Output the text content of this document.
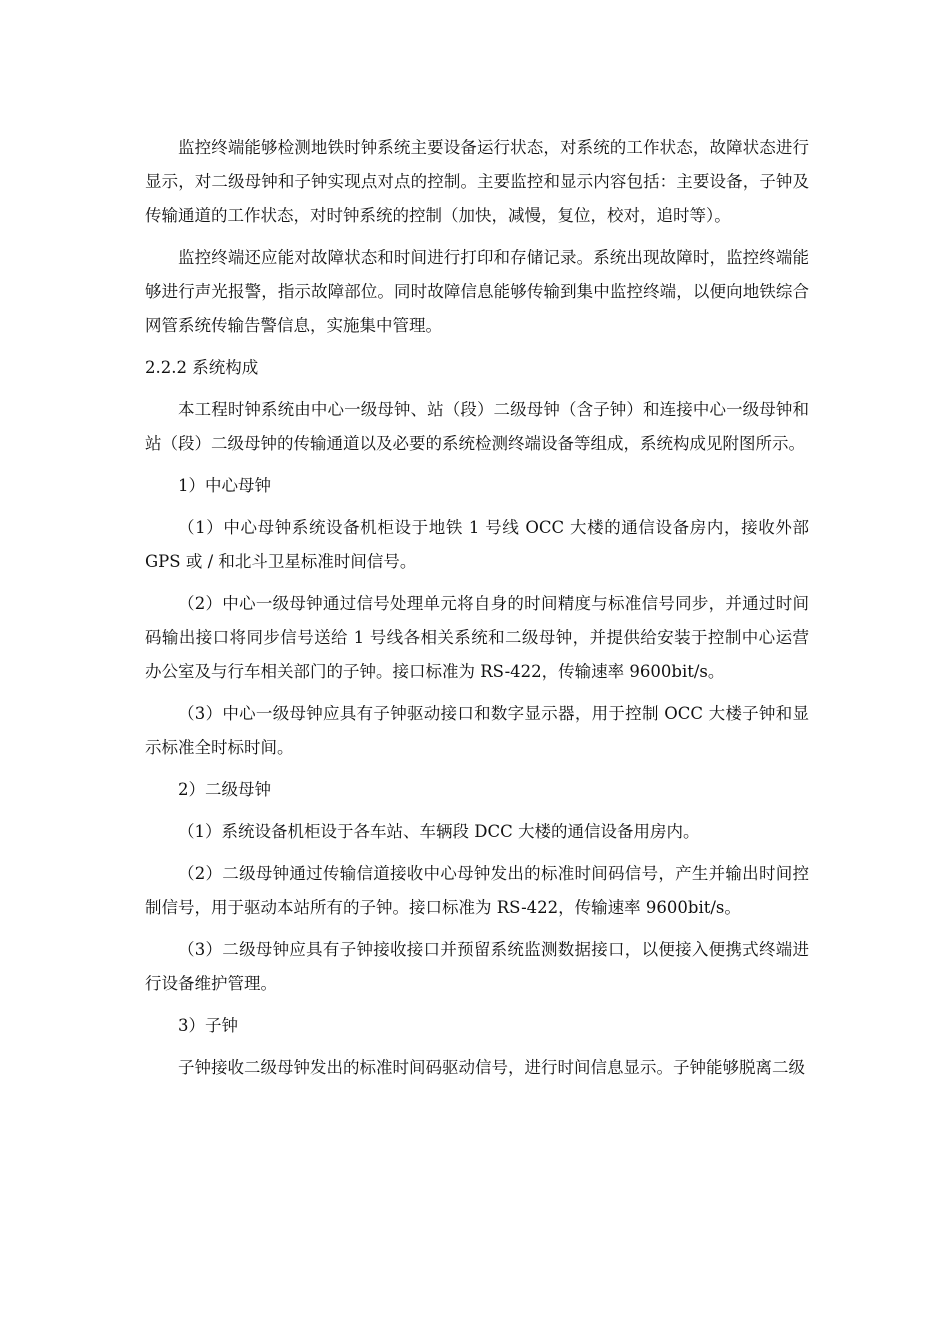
监控终端能够检测地铁时钟系统主要设备运行状态，对系统的工作状态，故障状态进行显示，对二级母钟和子钟实现点对点的控制。主要监控和显示内容包括：主要设备，子钟及传输通道的工作状态，对时钟系统的控制（加快，减慢，复位，校对，追时等）。

监控终端还应能对故障状态和时间进行打印和存储记录。系统出现故障时，监控终端能够进行声光报警，指示故障部位。同时故障信息能够传输到集中监控终端，以便向地铁综合网管系统传输告警信息，实施集中管理。

2.2.2 系统构成

本工程时钟系统由中心一级母钟、站（段）二级母钟（含子钟）和连接中心一级母钟和站（段）二级母钟的传输通道以及必要的系统检测终端设备等组成，系统构成见附图所示。

1）中心母钟

（1）中心母钟系统设备机柜设于地铁 1 号线 OCC 大楼的通信设备房内，接收外部 GPS 或 / 和北斗卫星标准时间信号。

（2）中心一级母钟通过信号处理单元将自身的时间精度与标准信号同步，并通过时间码输出接口将同步信号送给 1 号线各相关系统和二级母钟，并提供给安装于控制中心运营办公室及与行车相关部门的子钟。接口标准为 RS-422，传输速率 9600bit/s。

（3）中心一级母钟应具有子钟驱动接口和数字显示器，用于控制 OCC 大楼子钟和显示标准全时标时间。

2）二级母钟

（1）系统设备机柜设于各车站、车辆段 DCC 大楼的通信设备用房内。

（2）二级母钟通过传输信道接收中心母钟发出的标准时间码信号，产生并输出时间控制信号，用于驱动本站所有的子钟。接口标准为 RS-422，传输速率 9600bit/s。

（3）二级母钟应具有子钟接收接口并预留系统监测数据接口，以便接入便携式终端进行设备维护管理。

3）子钟

子钟接收二级母钟发出的标准时间码驱动信号，进行时间信息显示。子钟能够脱离二级
